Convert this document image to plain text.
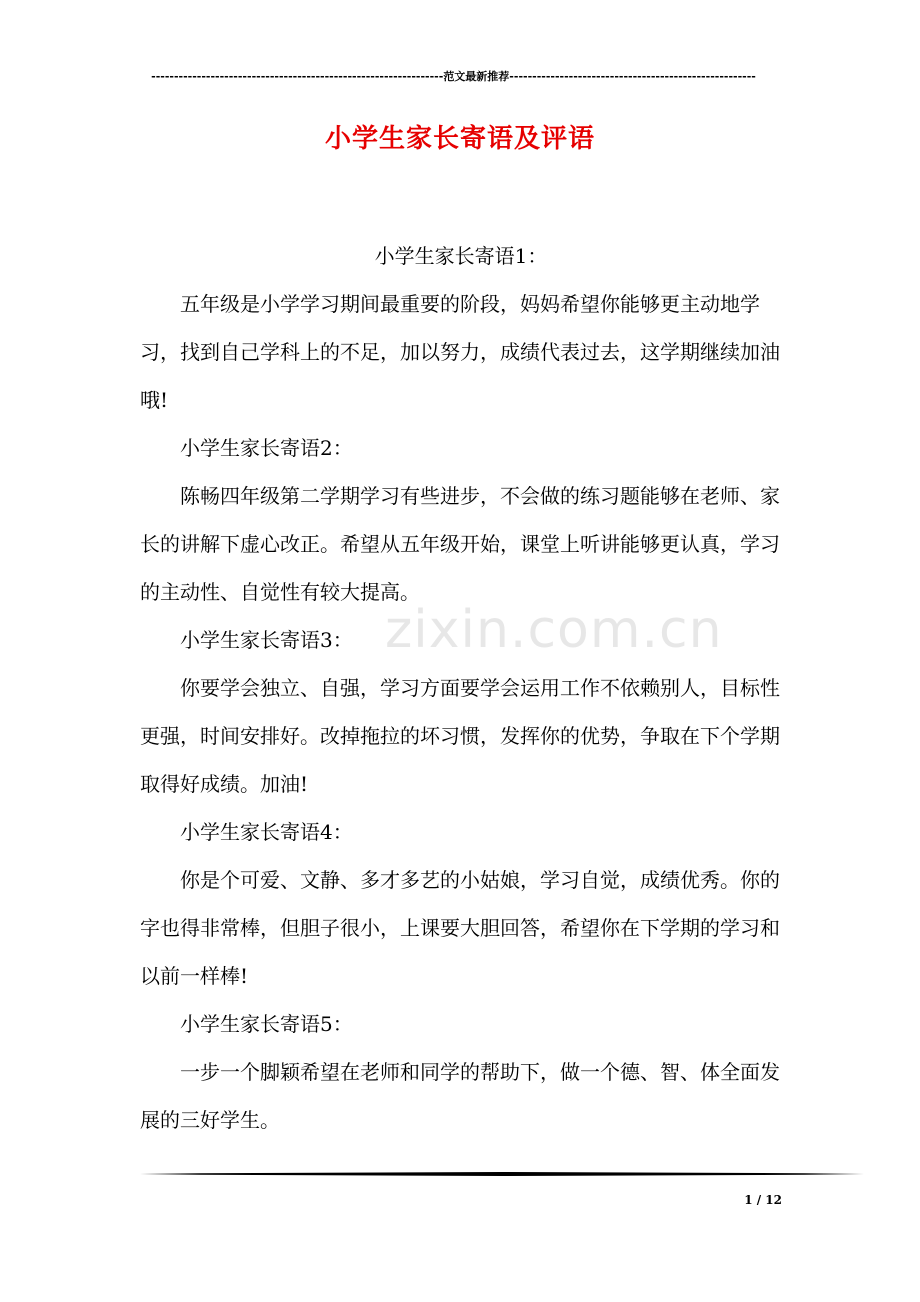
----------------------------------------------------------------范文最新推荐------------------------------------------------------
小学生家长寄语及评语
zixin.com.cn

小学生家长寄语1：

五年级是小学学习期间最重要的阶段，妈妈希望你能够更主动地学习，找到自己学科上的不足，加以努力，成绩代表过去，这学期继续加油哦!

小学生家长寄语2：

陈畅四年级第二学期学习有些进步，不会做的练习题能够在老师、家长的讲解下虚心改正。希望从五年级开始，课堂上听讲能够更认真，学习的主动性、自觉性有较大提高。

小学生家长寄语3：

你要学会独立、自强，学习方面要学会运用工作不依赖别人，目标性更强，时间安排好。改掉拖拉的坏习惯，发挥你的优势，争取在下个学期取得好成绩。加油!

小学生家长寄语4：

你是个可爱、文静、多才多艺的小姑娘，学习自觉，成绩优秀。你的字也得非常棒，但胆子很小，上课要大胆回答，希望你在下学期的学习和以前一样棒!

小学生家长寄语5：

一步一个脚颖希望在老师和同学的帮助下，做一个德、智、体全面发展的三好学生。

1 / 12
